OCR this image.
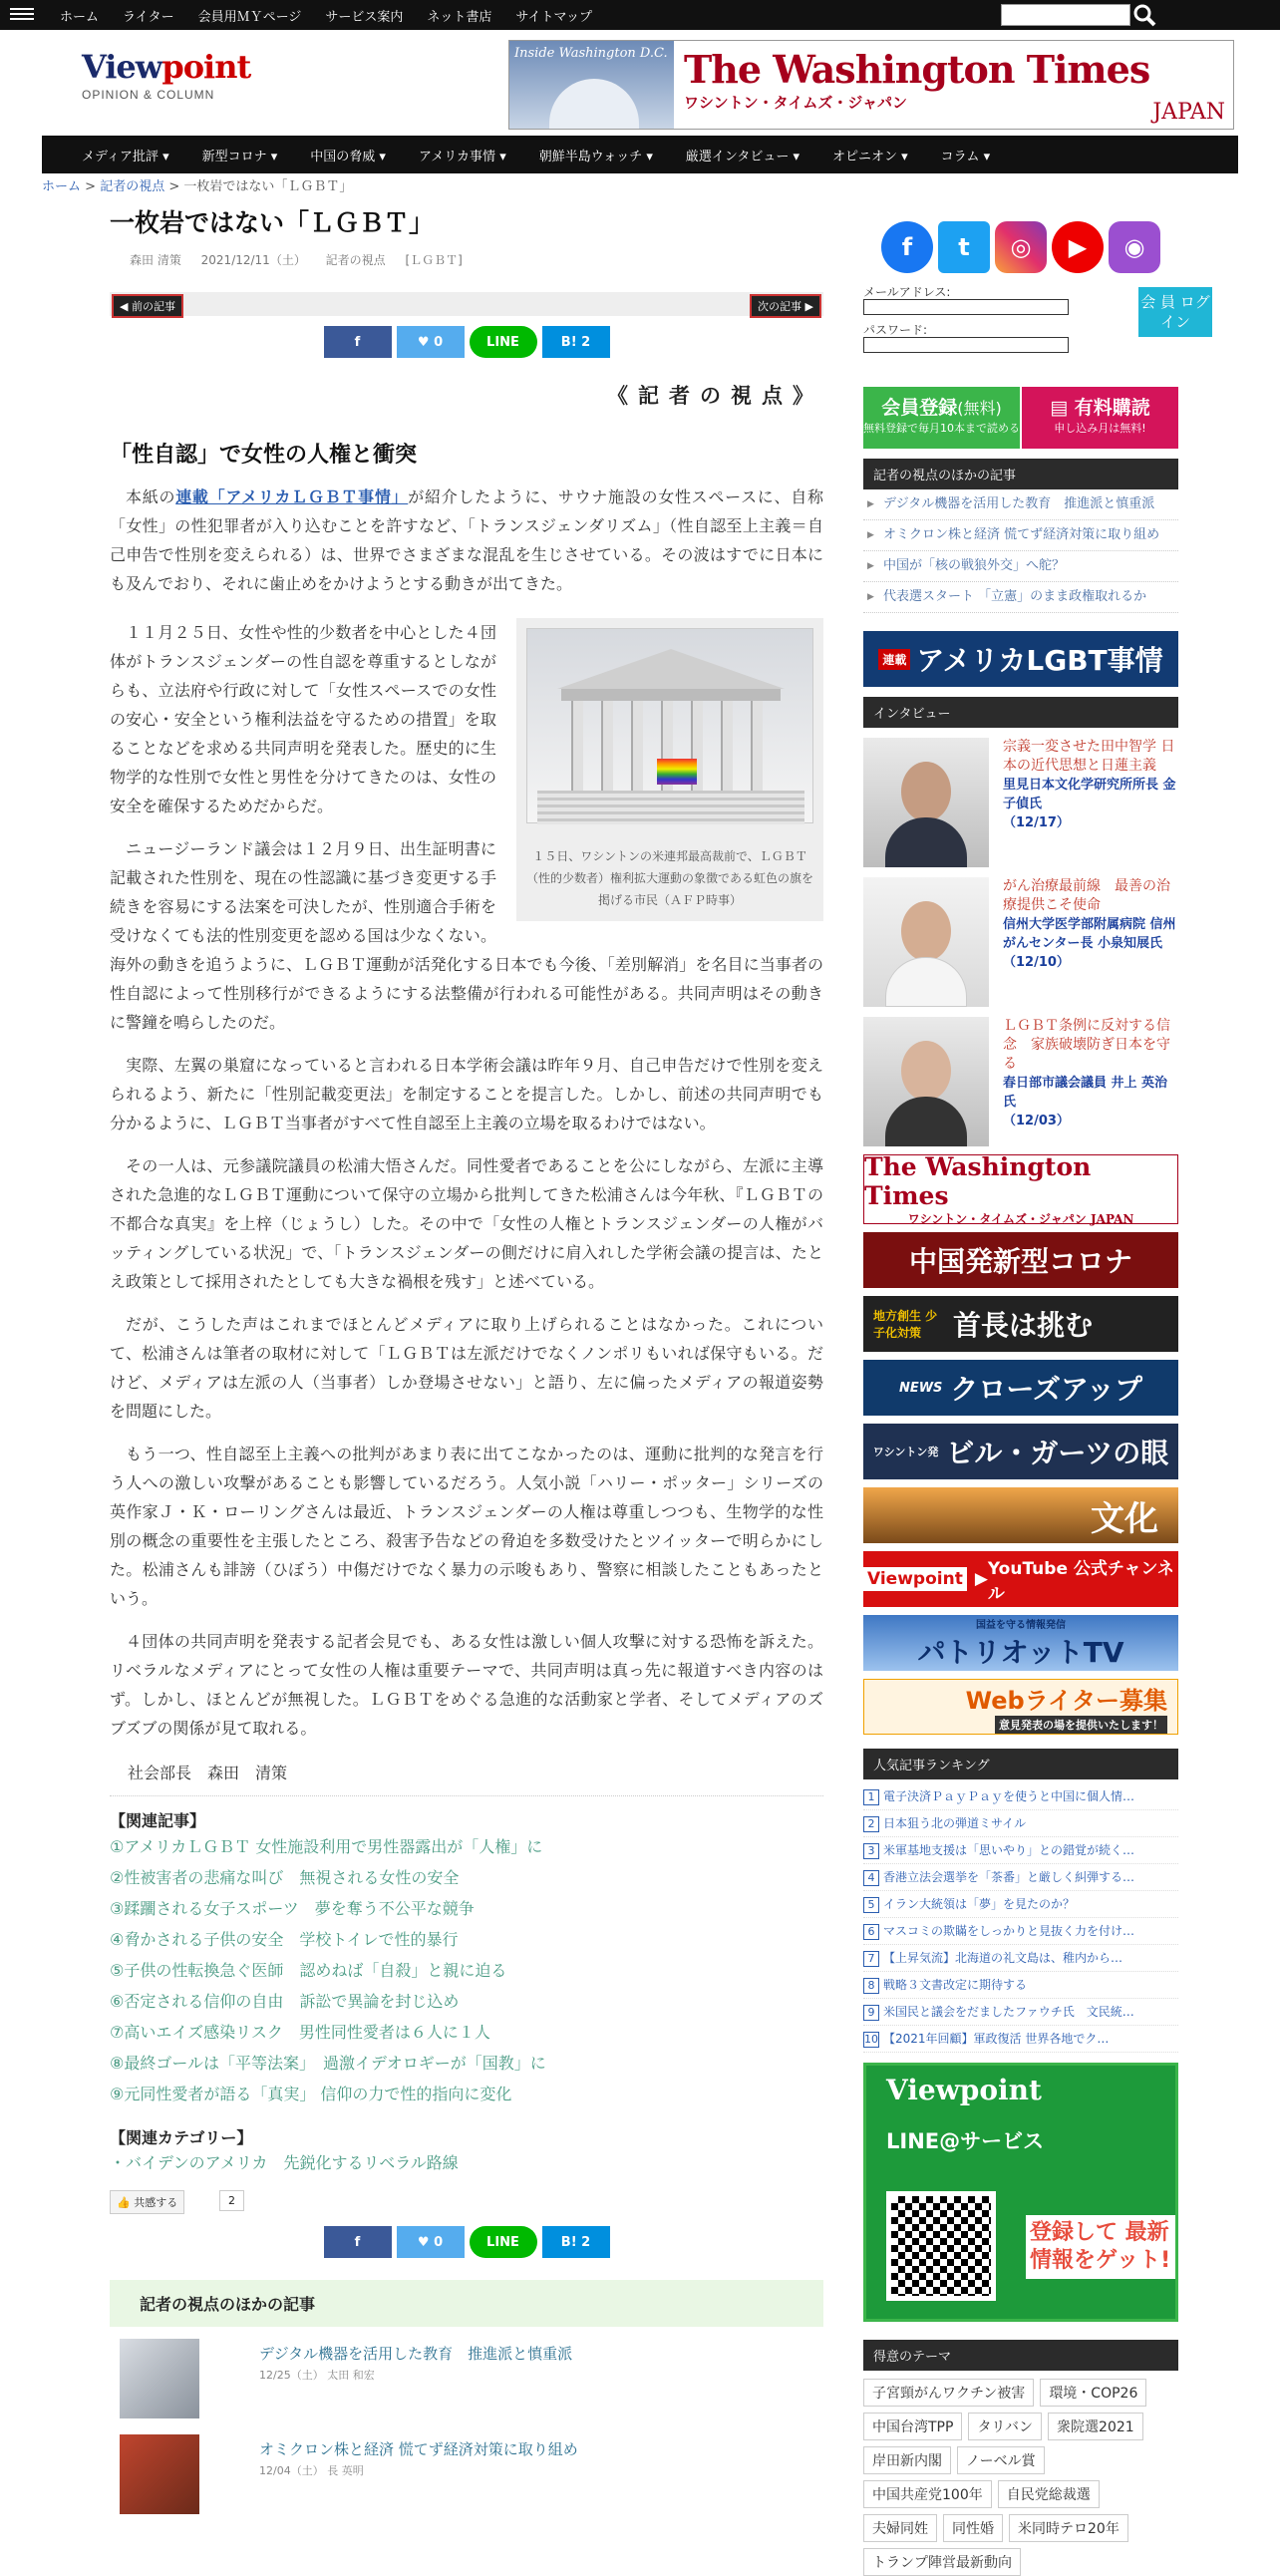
ホーム ライター 会員用ＭＹページ サービス案内 ネット書店 サイトマップ
Viewpoint
OPINION & COLUMN
Inside Washington D.C. The Washington Times
ワシントン・タイムズ・ジャパン	JAPAN
メディア批評 ▾	新型コロナ ▾	中国の脅威 ▾	アメリカ事情 ▾	朝鮮半島ウォッチ ▾	厳選インタビュー ▾	オピニオン ▾	コラム ▾
ホーム > 記者の視点 > 一枚岩ではない「ＬＧＢＴ」
一枚岩ではない「ＬＧＢＴ」
森田 清策 2021/12/11（土） 記者の視点 [ＬＧＢＴ]
◀ 前の記事	次の記事 ▶
f	♥ 0	LINE	B! 2
《記者の視点》
「性自認」で女性の人権と衝突

本紙の連載「アメリカＬＧＢＴ事情」が紹介したように、サウナ施設の女性スペースに、自称「女性」の性犯罪者が入り込むことを許すなど、「トランスジェンダリズム」（性自認至上主義＝自己申告で性別を変えられる）は、世界でさまざまな混乱を生じさせている。その波はすでに日本にも及んでおり、それに歯止めをかけようとする動きが出てきた。

１５日、ワシントンの米連邦最高裁前で、ＬＧＢＴ（性的少数者）権利拡大運動の象徴である虹色の旗を掲げる市民（ＡＦＰ時事）

１１月２５日、女性や性的少数者を中心とした４団体がトランスジェンダーの性自認を尊重するとしながらも、立法府や行政に対して「女性スペースでの女性の安心・安全という権利法益を守るための措置」を取ることなどを求める共同声明を発表した。歴史的に生物学的な性別で女性と男性を分けてきたのは、女性の安全を確保するためだからだ。

ニュージーランド議会は１２月９日、出生証明書に記載された性別を、現在の性認識に基づき変更する手続きを容易にする法案を可決したが、性別適合手術を受けなくても法的性別変更を認める国は少なくない。海外の動きを追うように、ＬＧＢＴ運動が活発化する日本でも今後、「差別解消」を名目に当事者の性自認によって性別移行ができるようにする法整備が行われる可能性がある。共同声明はその動きに警鐘を鳴らしたのだ。

実際、左翼の巣窟になっていると言われる日本学術会議は昨年９月、自己申告だけで性別を変えられるよう、新たに「性別記載変更法」を制定することを提言した。しかし、前述の共同声明でも分かるように、ＬＧＢＴ当事者がすべて性自認至上主義の立場を取るわけではない。

その一人は、元参議院議員の松浦大悟さんだ。同性愛者であることを公にしながら、左派に主導された急進的なＬＧＢＴ運動について保守の立場から批判してきた松浦さんは今年秋、『ＬＧＢＴの不都合な真実』を上梓（じょうし）した。その中で「女性の人権とトランスジェンダーの人権がバッティングしている状況」で、「トランスジェンダーの側だけに肩入れした学術会議の提言は、たとえ政策として採用されたとしても大きな禍根を残す」と述べている。

だが、こうした声はこれまでほとんどメディアに取り上げられることはなかった。これについて、松浦さんは筆者の取材に対して「ＬＧＢＴは左派だけでなくノンポリもいれば保守もいる。だけど、メディアは左派の人（当事者）しか登場させない」と語り、左に偏ったメディアの報道姿勢を問題にした。

もう一つ、性自認至上主義への批判があまり表に出てこなかったのは、運動に批判的な発言を行う人への激しい攻撃があることも影響しているだろう。人気小説「ハリー・ポッター」シリーズの英作家Ｊ・Ｋ・ローリングさんは最近、トランスジェンダーの人権は尊重しつつも、生物学的な性別の概念の重要性を主張したところ、殺害予告などの脅迫を多数受けたとツイッターで明らかにした。松浦さんも誹謗（ひぼう）中傷だけでなく暴力の示唆もあり、警察に相談したこともあったという。

４団体の共同声明を発表する記者会見でも、ある女性は激しい個人攻撃に対する恐怖を訴えた。リベラルなメディアにとって女性の人権は重要テーマで、共同声明は真っ先に報道すべき内容のはず。しかし、ほとんどが無視した。ＬＧＢＴをめぐる急進的な活動家と学者、そしてメディアのズブズブの関係が見て取れる。

社会部長　森田　清策
【関連記事】
①アメリカＬＧＢＴ 女性施設利用で男性器露出が「人権」に
②性被害者の悲痛な叫び　無視される女性の安全
③蹂躙される女子スポーツ　夢を奪う不公平な競争
④脅かされる子供の安全　学校トイレで性的暴行
⑤子供の性転換急ぐ医師　認めねば「自殺」と親に迫る
⑥否定される信仰の自由　訴訟で異論を封じ込め
⑦高いエイズ感染リスク　男性同性愛者は６人に１人
⑧最終ゴールは「平等法案」　過激イデオロギーが「国教」に
⑨元同性愛者が語る「真実」 信仰の力で性的指向に変化
【関連カテゴリー】
・バイデンのアメリカ　先鋭化するリベラル路線
👍 共感する	2
f	♥ 0	LINE	B! 2
記者の視点のほかの記事
デジタル機器を活用した教育　推進派と慎重派
12/25（土） 太田 和宏
オミクロン株と経済 慌てず経済対策に取り組め
12/04（土） 長 英明
f	t	◎	▶	◉
メールアドレス:
パスワード:
会 員 ログイン
会員登録(無料)
無料登録で毎月10本まで読める
▤ 有料購読
申し込み月は無料!
記者の視点のほかの記事
▶ デジタル機器を活用した教育　推進派と慎重派
▶ オミクロン株と経済 慌てず経済対策に取り組め
▶ 中国が「核の戦狼外交」へ舵？
▶ 代表選スタート 「立憲」のまま政権取れるか
連載 アメリカLGBT事情
インタビュー
宗義一変させた田中智学 日本の近代思想と日蓮主義
里見日本文化学研究所所長 金子偵氏
（12/17）
がん治療最前線　最善の治療提供こそ使命
信州大学医学部附属病院 信州がんセンター長 小泉知展氏
（12/10）
ＬＧＢＴ条例に反対する信念　家族破壊防ぎ日本を守る
春日部市議会議員 井上 英治氏
（12/03）
The Washington Times
ワシントン・タイムズ・ジャパン JAPAN
中国発新型コロナ
地方創生 少子化対策	首長は挑む
NEWS クローズアップ
ワシントン発 ビル・ガーツの眼
文化
Viewpoint ▶ YouTube 公式チャンネル
国益を守る情報発信
パトリオットTV
Webライター募集
意見発表の場を提供いたします！
人気記事ランキング
1 電子決済ＰａｙＰａｙを使うと中国に個人情…
2 日本狙う北の弾道ミサイル
3 米軍基地支援は「思いやり」との錯覚が続く…
4 香港立法会選挙を「茶番」と厳しく糾弾する…
5 イラン大統領は「夢」を見たのか？
6 マスコミの欺瞞をしっかりと見抜く力を付け…
7 【上昇気流】北海道の礼文島は、稚内から…
8 戦略３文書改定に期待する
9 米国民と議会をだましたファウチ氏　文民統…
10 【2021年回顧】軍政復活 世界各地でク…
Viewpoint
LINE@サービス
登録して 最新情報をゲット!
得意のテーマ
子宮頸がんワクチン被害	環境・COP26
中国台湾TPP	タリバン	衆院選2021
岸田新内閣	ノーベル賞
中国共産党100年	自民党総裁選
夫婦同姓	同性婚	米同時テロ20年
トランプ陣営最新動向
